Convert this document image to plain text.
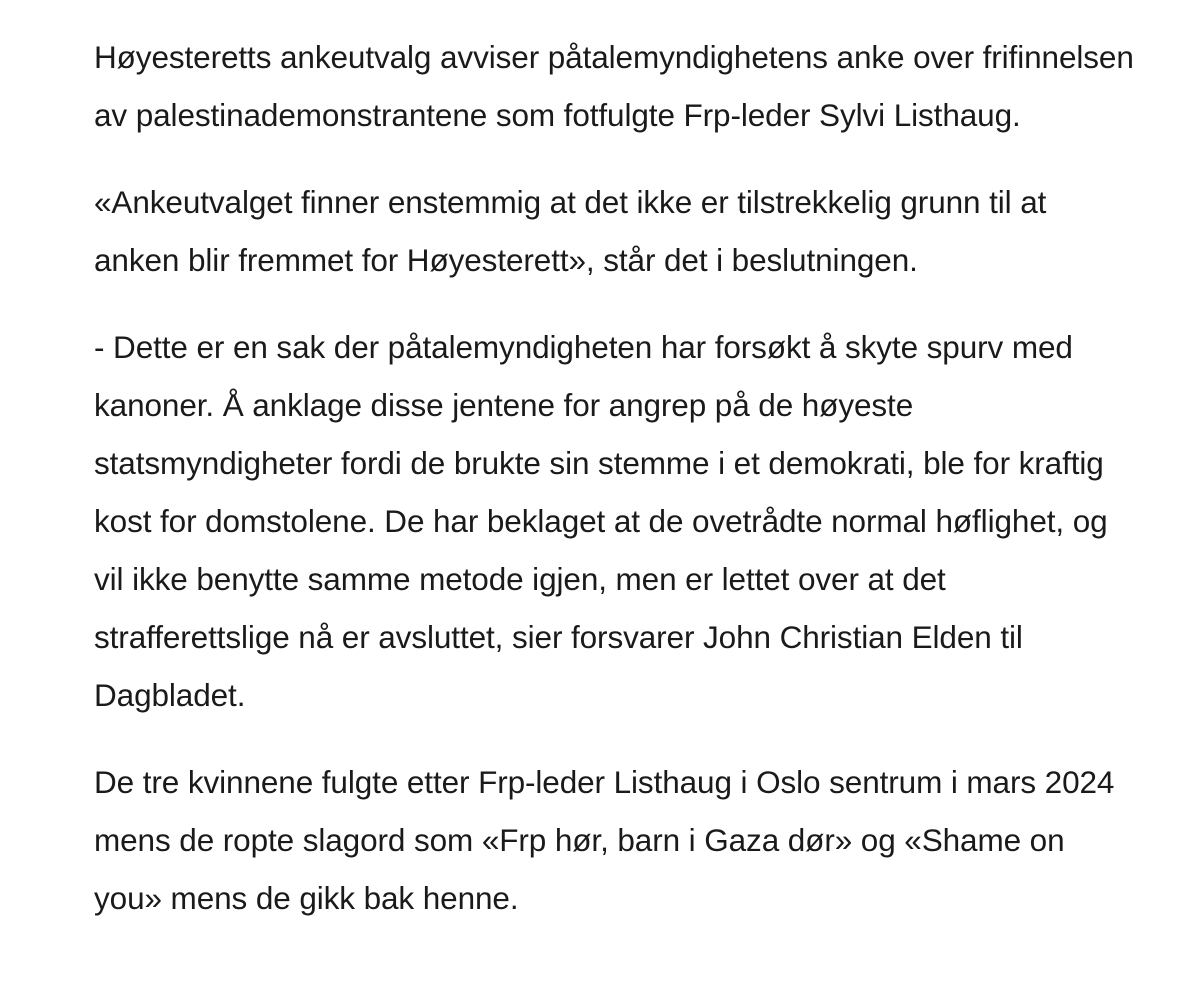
Høyesteretts ankeutvalg avviser påtalemyndighetens anke over frifinnelsen av palestinademonstrantene som fotfulgte Frp-leder Sylvi Listhaug.

«Ankeutvalget finner enstemmig at det ikke er tilstrekkelig grunn til at anken blir fremmet for Høyesterett», står det i beslutningen.

- Dette er en sak der påtalemyndigheten har forsøkt å skyte spurv med kanoner. Å anklage disse jentene for angrep på de høyeste statsmyndigheter fordi de brukte sin stemme i et demokrati, ble for kraftig kost for domstolene. De har beklaget at de ovetrådte normal høflighet, og vil ikke benytte samme metode igjen, men er lettet over at det strafferettslige nå er avsluttet, sier forsvarer John Christian Elden til Dagbladet.

De tre kvinnene fulgte etter Frp-leder Listhaug i Oslo sentrum i mars 2024 mens de ropte slagord som «Frp hør, barn i Gaza dør» og «Shame on you» mens de gikk bak henne.
